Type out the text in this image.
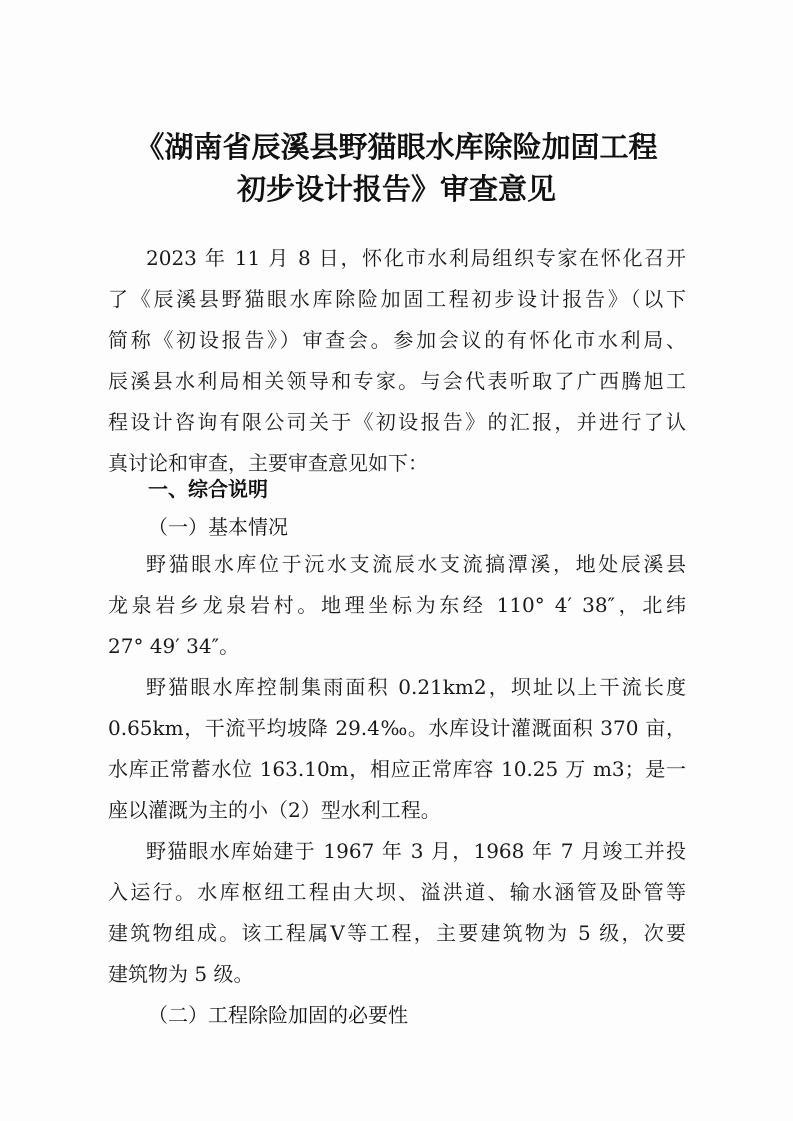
《湖南省辰溪县野猫眼水库除险加固工程
初步设计报告》审查意见
2023 年 11 月 8 日，怀化市水利局组织专家在怀化召开
了《辰溪县野猫眼水库除险加固工程初步设计报告》（以下
简称《初设报告》）审查会。参加会议的有怀化市水利局、
辰溪县水利局相关领导和专家。与会代表听取了广西腾旭工
程设计咨询有限公司关于《初设报告》的汇报，并进行了认
真讨论和审查，主要审查意见如下：
一、综合说明
（一）基本情况
野猫眼水库位于沅水支流辰水支流搞潭溪，地处辰溪县
龙泉岩乡龙泉岩村。地理坐标为东经 110° 4′ 38″，北纬
27° 49′ 34″。
野猫眼水库控制集雨面积 0.21km2，坝址以上干流长度
0.65km，干流平均坡降 29.4‰。水库设计灌溉面积 370 亩，
水库正常蓄水位 163.10m，相应正常库容 10.25 万 m3；是一
座以灌溉为主的小（2）型水利工程。
野猫眼水库始建于 1967 年 3 月，1968 年 7 月竣工并投
入运行。水库枢纽工程由大坝、溢洪道、输水涵管及卧管等
建筑物组成。该工程属Ⅴ等工程，主要建筑物为 5 级，次要
建筑物为 5 级。
（二）工程除险加固的必要性
